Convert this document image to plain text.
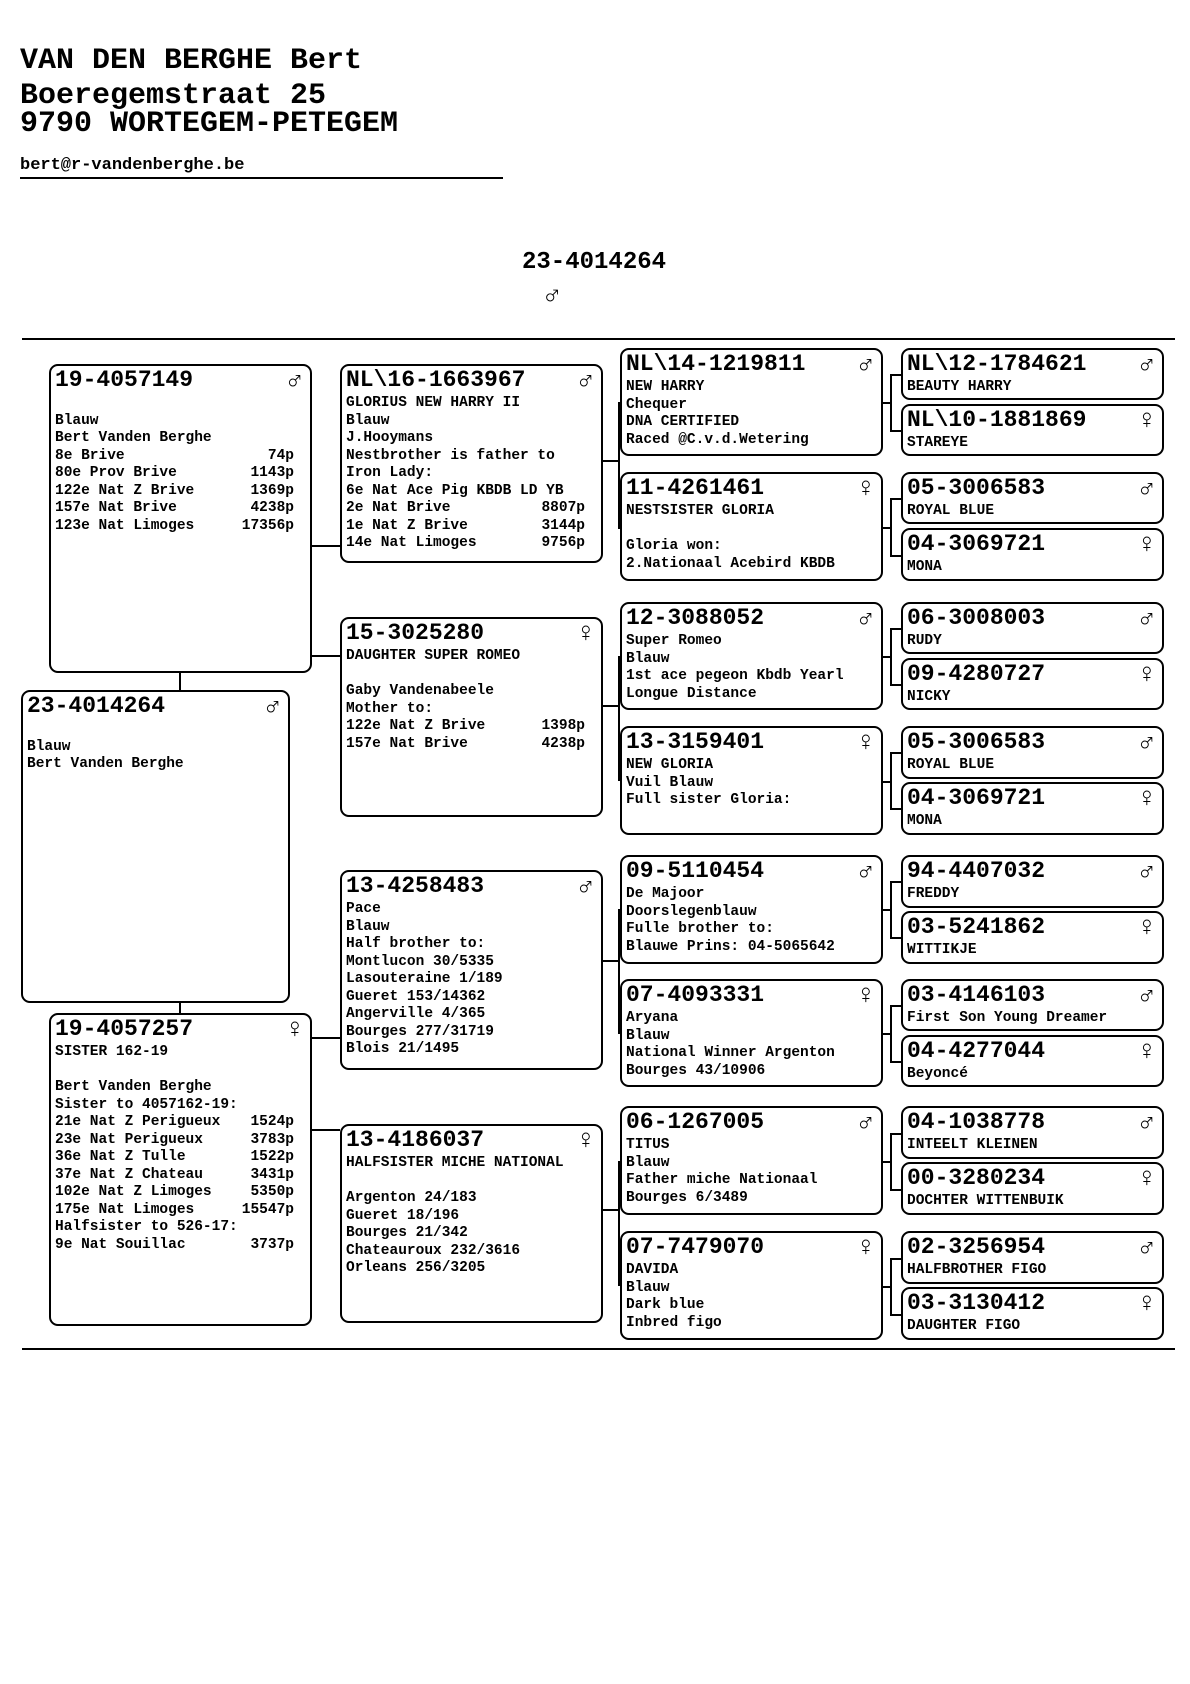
VAN DEN BERGHE Bert
Boeregemstraat 25
9790 WORTEGEM-PETEGEM
bert@r-vandenberghe.be
23-4014264
♂
23-4014264	♂
Blauw
Bert Vanden Berghe
19-4057149	♂
Blauw
Bert Vanden Berghe
8e Brive	74p
80e Prov Brive	1143p
122e Nat Z Brive	1369p
157e Nat Brive	4238p
123e Nat Limoges	17356p
19-4057257	♀
SISTER 162-19
Bert Vanden Berghe
Sister to 4057162-19:
21e Nat Z Perigueux	1524p
23e Nat Perigueux	3783p
36e Nat Z Tulle	1522p
37e Nat Z Chateau	3431p
102e Nat Z Limoges	5350p
175e Nat Limoges	15547p
Halfsister to 526-17:
9e Nat Souillac	3737p
NL\16-1663967 ♂
GLORIUS NEW HARRY II
Blauw
J.Hooymans
Nestbrother is father to
Iron Lady:
6e Nat Ace Pig KBDB LD YB
2e Nat Brive	8807p
1e Nat Z Brive	3144p
14e Nat Limoges	9756p
15-3025280	♀
DAUGHTER SUPER ROMEO
Gaby Vandenabeele
Mother to:
122e Nat Z Brive	1398p
157e Nat Brive	4238p
13-4258483	♂
Pace
Blauw
Half brother to:
Montlucon 30/5335
Lasouteraine 1/189
Gueret 153/14362
Angerville 4/365
Bourges 277/31719
Blois 21/1495
13-4186037	♀
HALFSISTER MICHE NATIONAL
Argenton 24/183
Gueret 18/196
Bourges 21/342
Chateauroux 232/3616
Orleans 256/3205
NL\14-1219811 ♂
NEW HARRY
Chequer
DNA CERTIFIED
Raced @C.v.d.Wetering
11-4261461	♀
NESTSISTER GLORIA
Gloria won:
2.Nationaal Acebird KBDB
12-3088052	♂
Super Romeo
Blauw
1st ace pegeon Kbdb Yearl
Longue Distance
13-3159401	♀
NEW GLORIA
Vuil Blauw
Full sister Gloria:
09-5110454	♂
De Majoor
Doorslegenblauw
Fulle brother to:
Blauwe Prins: 04-5065642
07-4093331	♀
Aryana
Blauw
National Winner Argenton
Bourges 43/10906
06-1267005	♂
TITUS
Blauw
Father miche Nationaal
Bourges 6/3489
07-7479070	♀
DAVIDA
Blauw
Dark blue
Inbred figo
NL\12-1784621 ♂
BEAUTY HARRY
NL\10-1881869 ♀
STAREYE
05-3006583	♂
ROYAL BLUE
04-3069721	♀
MONA
06-3008003	♂
RUDY
09-4280727	♀
NICKY
05-3006583	♂
ROYAL BLUE
04-3069721	♀
MONA
94-4407032	♂
FREDDY
03-5241862	♀
WITTIKJE
03-4146103	♂
First Son Young Dreamer
04-4277044	♀
Beyoncé
04-1038778	♂
INTEELT KLEINEN
00-3280234	♀
DOCHTER WITTENBUIK
02-3256954	♂
HALFBROTHER FIGO
03-3130412	♀
DAUGHTER FIGO
